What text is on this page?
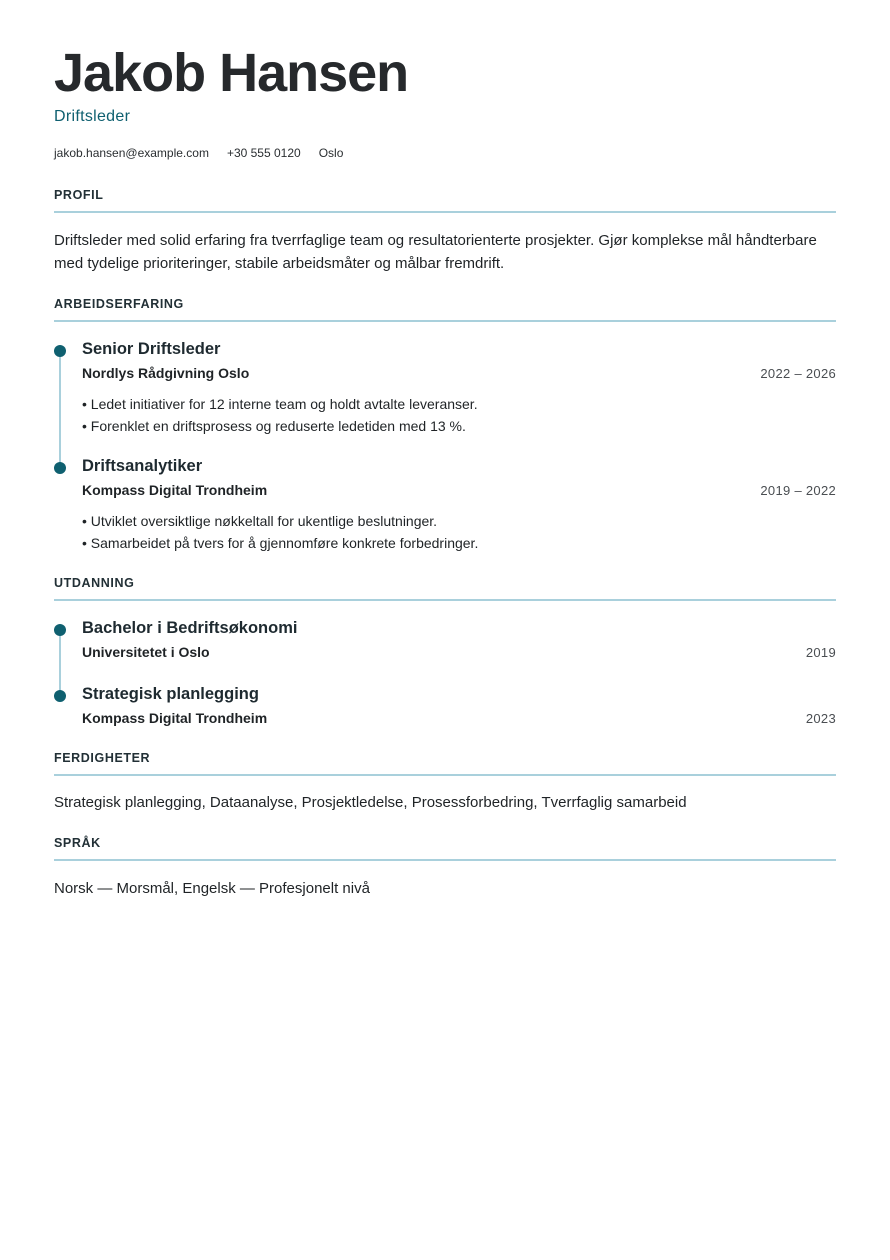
Jakob Hansen
Driftsleder
jakob.hansen@example.com +30 555 0120 Oslo
PROFIL
Driftsleder med solid erfaring fra tverrfaglige team og resultatorienterte prosjekter. Gjør komplekse mål håndterbare med tydelige prioriteringer, stabile arbeidsmåter og målbar fremdrift.
ARBEIDSERFARING
Senior Driftsleder
Nordlys Rådgivning Oslo	2022 – 2026
• Ledet initiativer for 12 interne team og holdt avtalte leveranser.
• Forenklet en driftsprosess og reduserte ledetiden med 13 %.
Driftsanalytiker
Kompass Digital Trondheim	2019 – 2022
• Utviklet oversiktlige nøkkeltall for ukentlige beslutninger.
• Samarbeidet på tvers for å gjennomføre konkrete forbedringer.
UTDANNING
Bachelor i Bedriftsøkonomi
Universitetet i Oslo	2019
Strategisk planlegging
Kompass Digital Trondheim	2023
FERDIGHETER
Strategisk planlegging, Dataanalyse, Prosjektledelse, Prosessforbedring, Tverrfaglig samarbeid
SPRÅK
Norsk — Morsmål, Engelsk — Profesjonelt nivå
